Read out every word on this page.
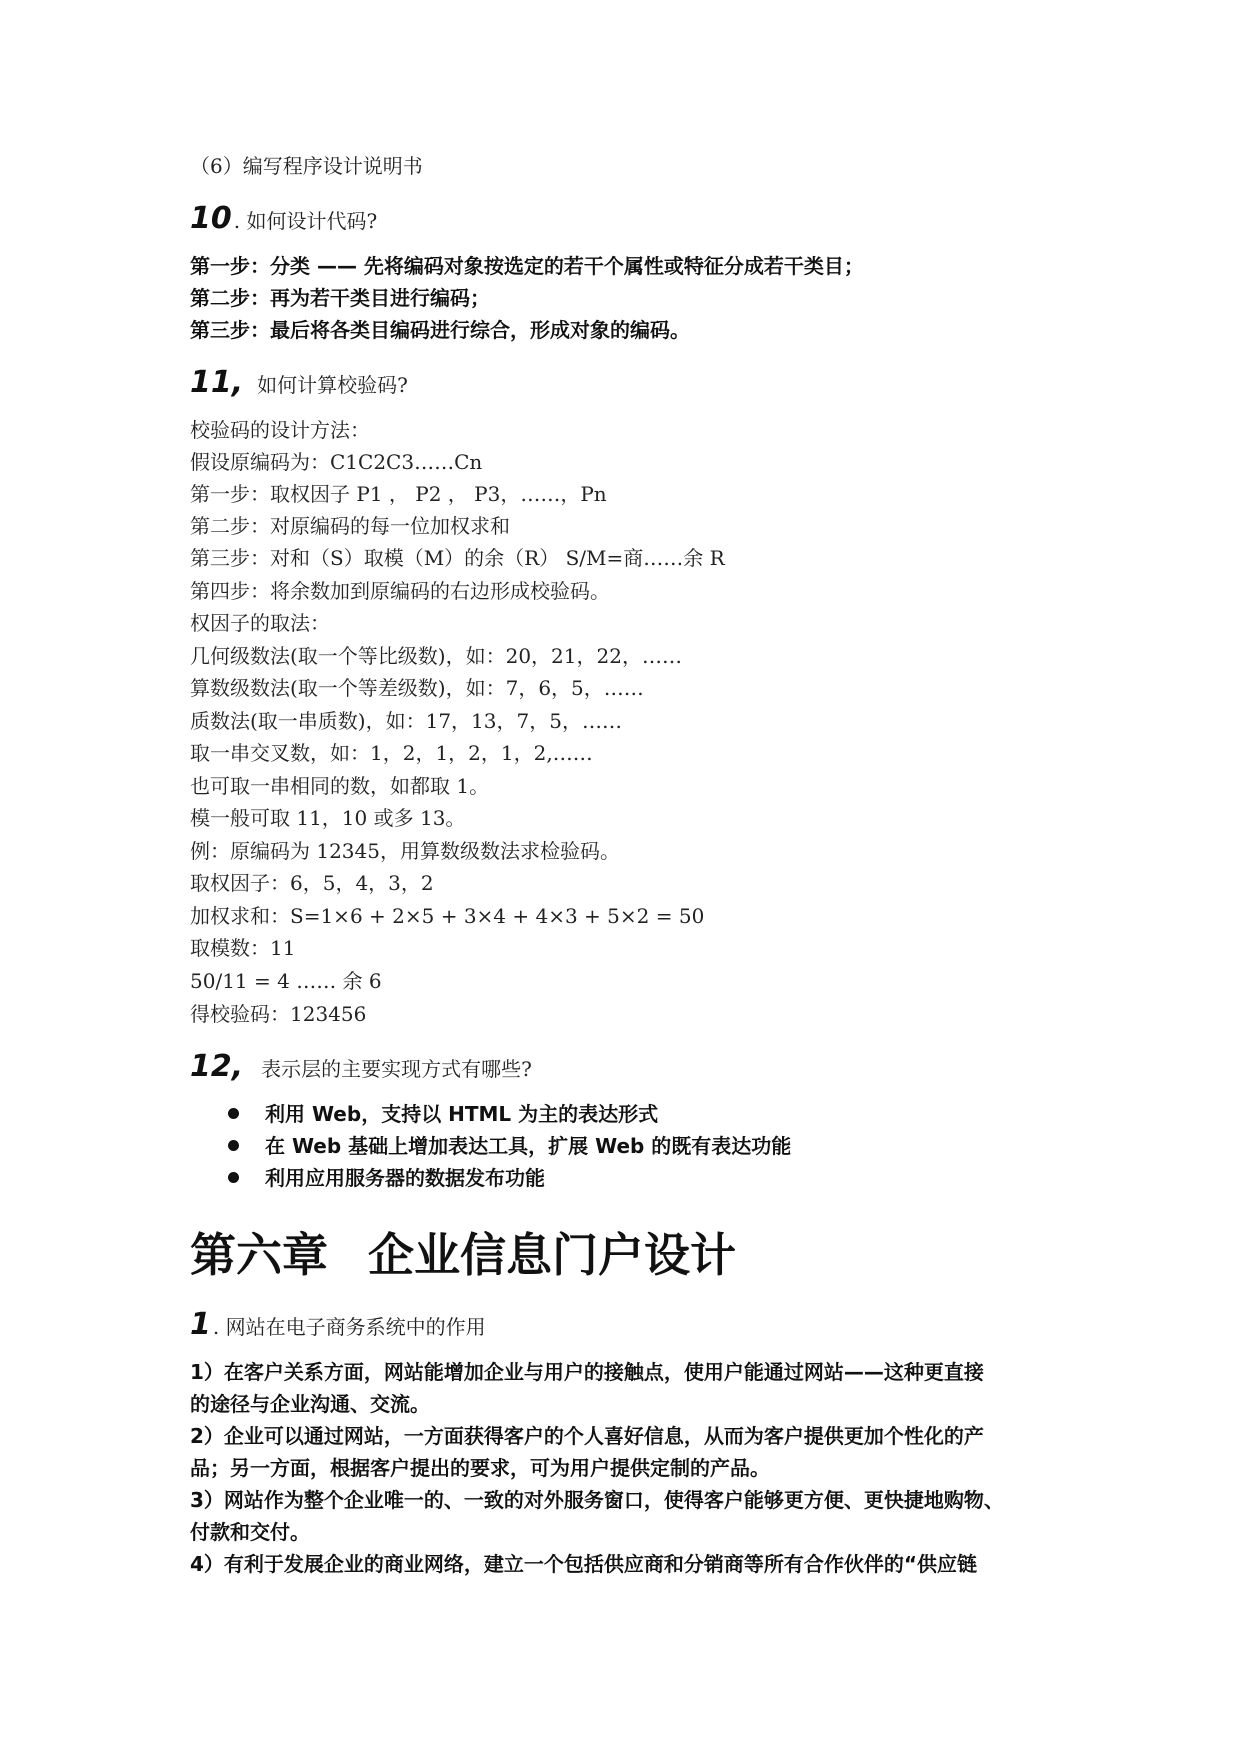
（6）编写程序设计说明书
10 . 如何设计代码?
第一步：分类 —— 先将编码对象按选定的若干个属性或特征分成若干类目；
第二步：再为若干类目进行编码；
第三步：最后将各类目编码进行综合，形成对象的编码。
11, 如何计算校验码?
校验码的设计方法：
假设原编码为：C1C2C3……Cn
第一步：取权因子 P1 ， P2 ， P3，……，Pn
第二步：对原编码的每一位加权求和
第三步：对和（S）取模（M）的余（R） S/M=商……余 R
第四步：将余数加到原编码的右边形成校验码。
权因子的取法：
几何级数法(取一个等比级数)，如：20，21，22，……
算数级数法(取一个等差级数)，如：7，6，5，……
质数法(取一串质数)，如：17，13，7，5，……
取一串交叉数，如：1，2，1，2，1，2,……
也可取一串相同的数，如都取 1。
模一般可取 11，10 或多 13。
例：原编码为 12345，用算数级数法求检验码。
取权因子：6，5，4，3，2
加权求和：S=1×6 + 2×5 + 3×4 + 4×3 + 5×2 = 50
取模数：11
50/11 = 4 …… 余 6
得校验码：123456
12, 表示层的主要实现方式有哪些?
利用 Web，支持以 HTML 为主的表达形式
在 Web 基础上增加表达工具，扩展 Web 的既有表达功能
利用应用服务器的数据发布功能
第六章 企业信息门户设计
1 . 网站在电子商务系统中的作用
1）在客户关系方面，网站能增加企业与用户的接触点，使用户能通过网站——这种更直接
的途径与企业沟通、交流。
2）企业可以通过网站，一方面获得客户的个人喜好信息，从而为客户提供更加个性化的产
品；另一方面，根据客户提出的要求，可为用户提供定制的产品。
3）网站作为整个企业唯一的、一致的对外服务窗口，使得客户能够更方便、更快捷地购物、
付款和交付。
4）有利于发展企业的商业网络，建立一个包括供应商和分销商等所有合作伙伴的“供应链
